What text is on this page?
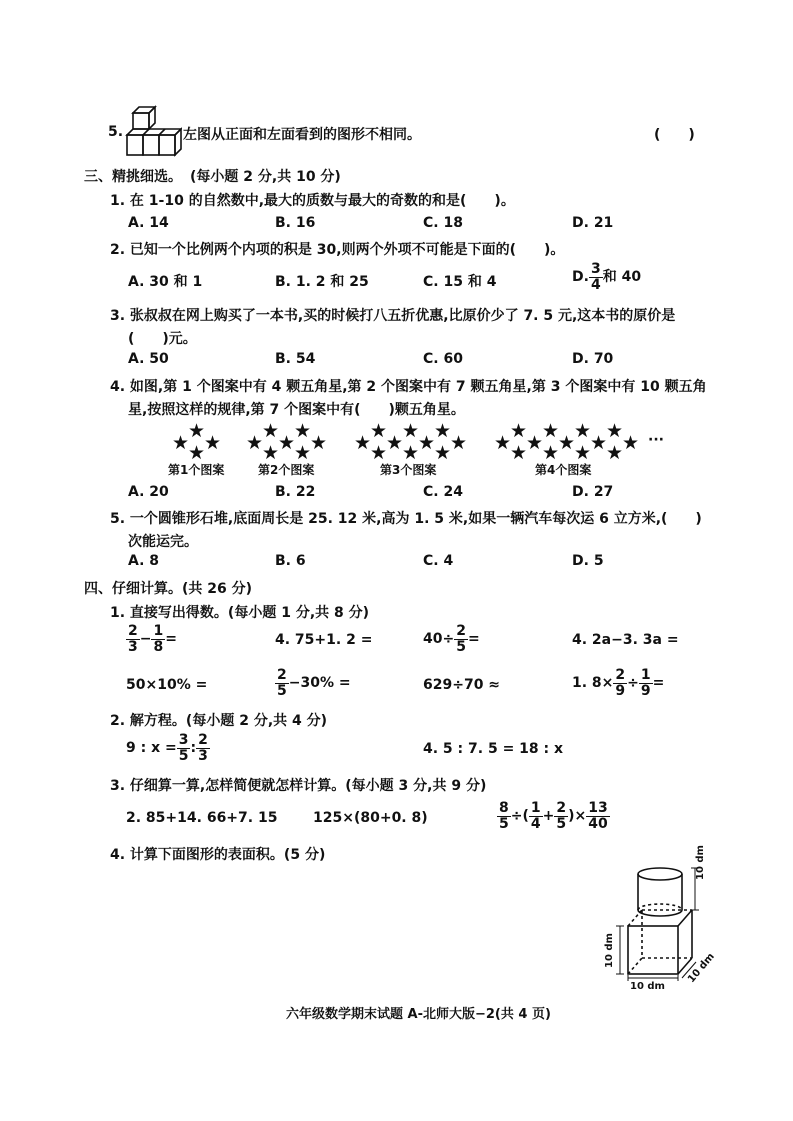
5.	左图从正面和左面看到的图形不相同。	(　　)
三、精挑细选。 (每小题 2 分,共 10 分)
1. 在 1-10 的自然数中,最大的质数与最大的奇数的和是(　　)。
A. 14	B. 16	C. 18	D. 21
2. 已知一个比例两个内项的积是 30,则两个外项不可能是下面的(　　)。
A. 30 和 1	B. 1. 2 和 25	C. 15 和 4	D. $\frac{3}{4}$ 和 40
3. 张叔叔在网上购买了一本书,买的时候打八五折优惠,比原价少了 7. 5 元,这本书的原价是
(　　)元。
A. 50	B. 54	C. 60	D. 70
4. 如图,第 1 个图案中有 4 颗五角星,第 2 个图案中有 7 颗五角星,第 3 个图案中有 10 颗五角
星,按照这样的规律,第 7 个图案中有(　　)颗五角星。
★
★ ★
★
★ ★
★ ★ ★
★ ★
★ ★ ★
★ ★ ★ ★
★ ★ ★
★ ★ ★ ★
★ ★ ★ ★ ★
★ ★ ★ ★
···
第1个图案	第2个图案	第3个图案	第4个图案
A. 20	B. 22	C. 24	D. 27
5. 一个圆锥形石堆,底面周长是 25. 12 米,高为 1. 5 米,如果一辆汽车每次运 6 立方米,(　　)
次能运完。
A. 8	B. 6	C. 4	D. 5
四、仔细计算。(共 26 分)
1. 直接写出得数。(每小题 1 分,共 8 分)
$\frac{2}{3} - \frac{1}{8}$ =	4. 75+1. 2 =	$40\div \frac{2}{5}$ =	4. 2a−3. 3a =
50×10% =	$\frac{2}{5} -30\%$ =	629÷70 ≈	1. $8\times \frac{2}{9} \div \frac{1}{9}$ =
2. 解方程。(每小题 2 分,共 4 分)
9 : $x = \frac{3}{5}$ : $\frac{2}{3}$	4. 5 : 7. 5 = 18 : x
3. 仔细算一算,怎样简便就怎样计算。(每小题 3 分,共 9 分)
2. 85+14. 66+7. 15	125×(80+0. 8)	$\frac{8}{5}$ ÷( $\frac{1}{4} + \frac{2}{5}$ )× $\frac{13}{40}$
4. 计算下面图形的表面积。(5 分)	10 dm
10 dm
10 dm
10 dm
六年级数学期末试题 A-北师大版−2(共 4 页)
